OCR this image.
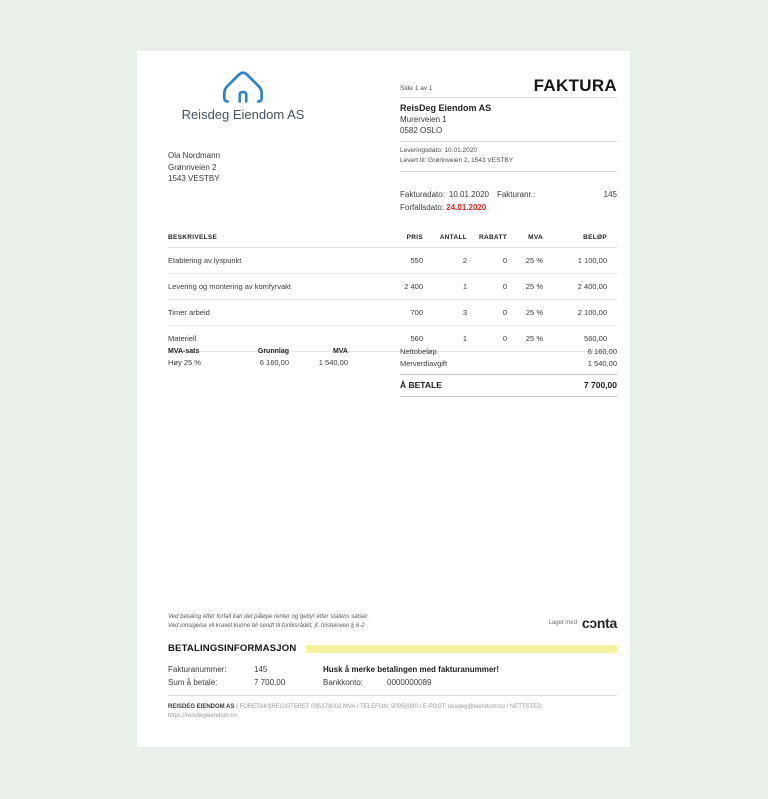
Reisdeg Eiendom AS
Ola Nordmann
Grønnveien 2
1543 VESTBY
Side 1 av 1	FAKTURA
ReisDeg Eiendom AS
Murerveien 1
0582 OSLO
Leveringsdato: 10.01.2020
Levert til: Grønnveien 2, 1543 VESTBY
Fakturadato: 10.01.2020 Fakturanr.:	145
Forfallsdato: 24.01.2020
BESKRIVELSE	PRIS	ANTALL	RABATT	MVA	BELØP
Etablering av lyspunkt	550	2	0	25 %	1 100,00
Levering og montering av komfyrvakt	2 400	1	0	25 %	2 400,00
Timer arbeid	700	3	0	25 %	2 100,00
Materiell	560	1	0	25 %	560,00
MVA-sats	Grunnlag	MVA
Høy 25 %	6 160,00	1 540,00
Nettobeløp	6 160,00
Merverdiavgift	1 540,00
Å BETALE	7 700,00
Ved betaling etter forfall kan det påløpe renter og gebyr etter statens satser.
Ved innsigelse vil kravet kunne bli sendt til forliksrådet, jf. tvisteloven § 6-2	Laget med cɔnta
BETALINGSINFORMASJON
Fakturanummer:	145
Sum å betale:	7 700,00
Husk å merke betalingen med fakturanummer!
Bankkonto:	0000000089
REISDEG EIENDOM AS / FORETAKSREGISTERET 095178002 MVA / TELEFON: 50050080 / E-POST: reisdeg@eiendom.no / NETTSTED:
https://reisdegeiendom.no
